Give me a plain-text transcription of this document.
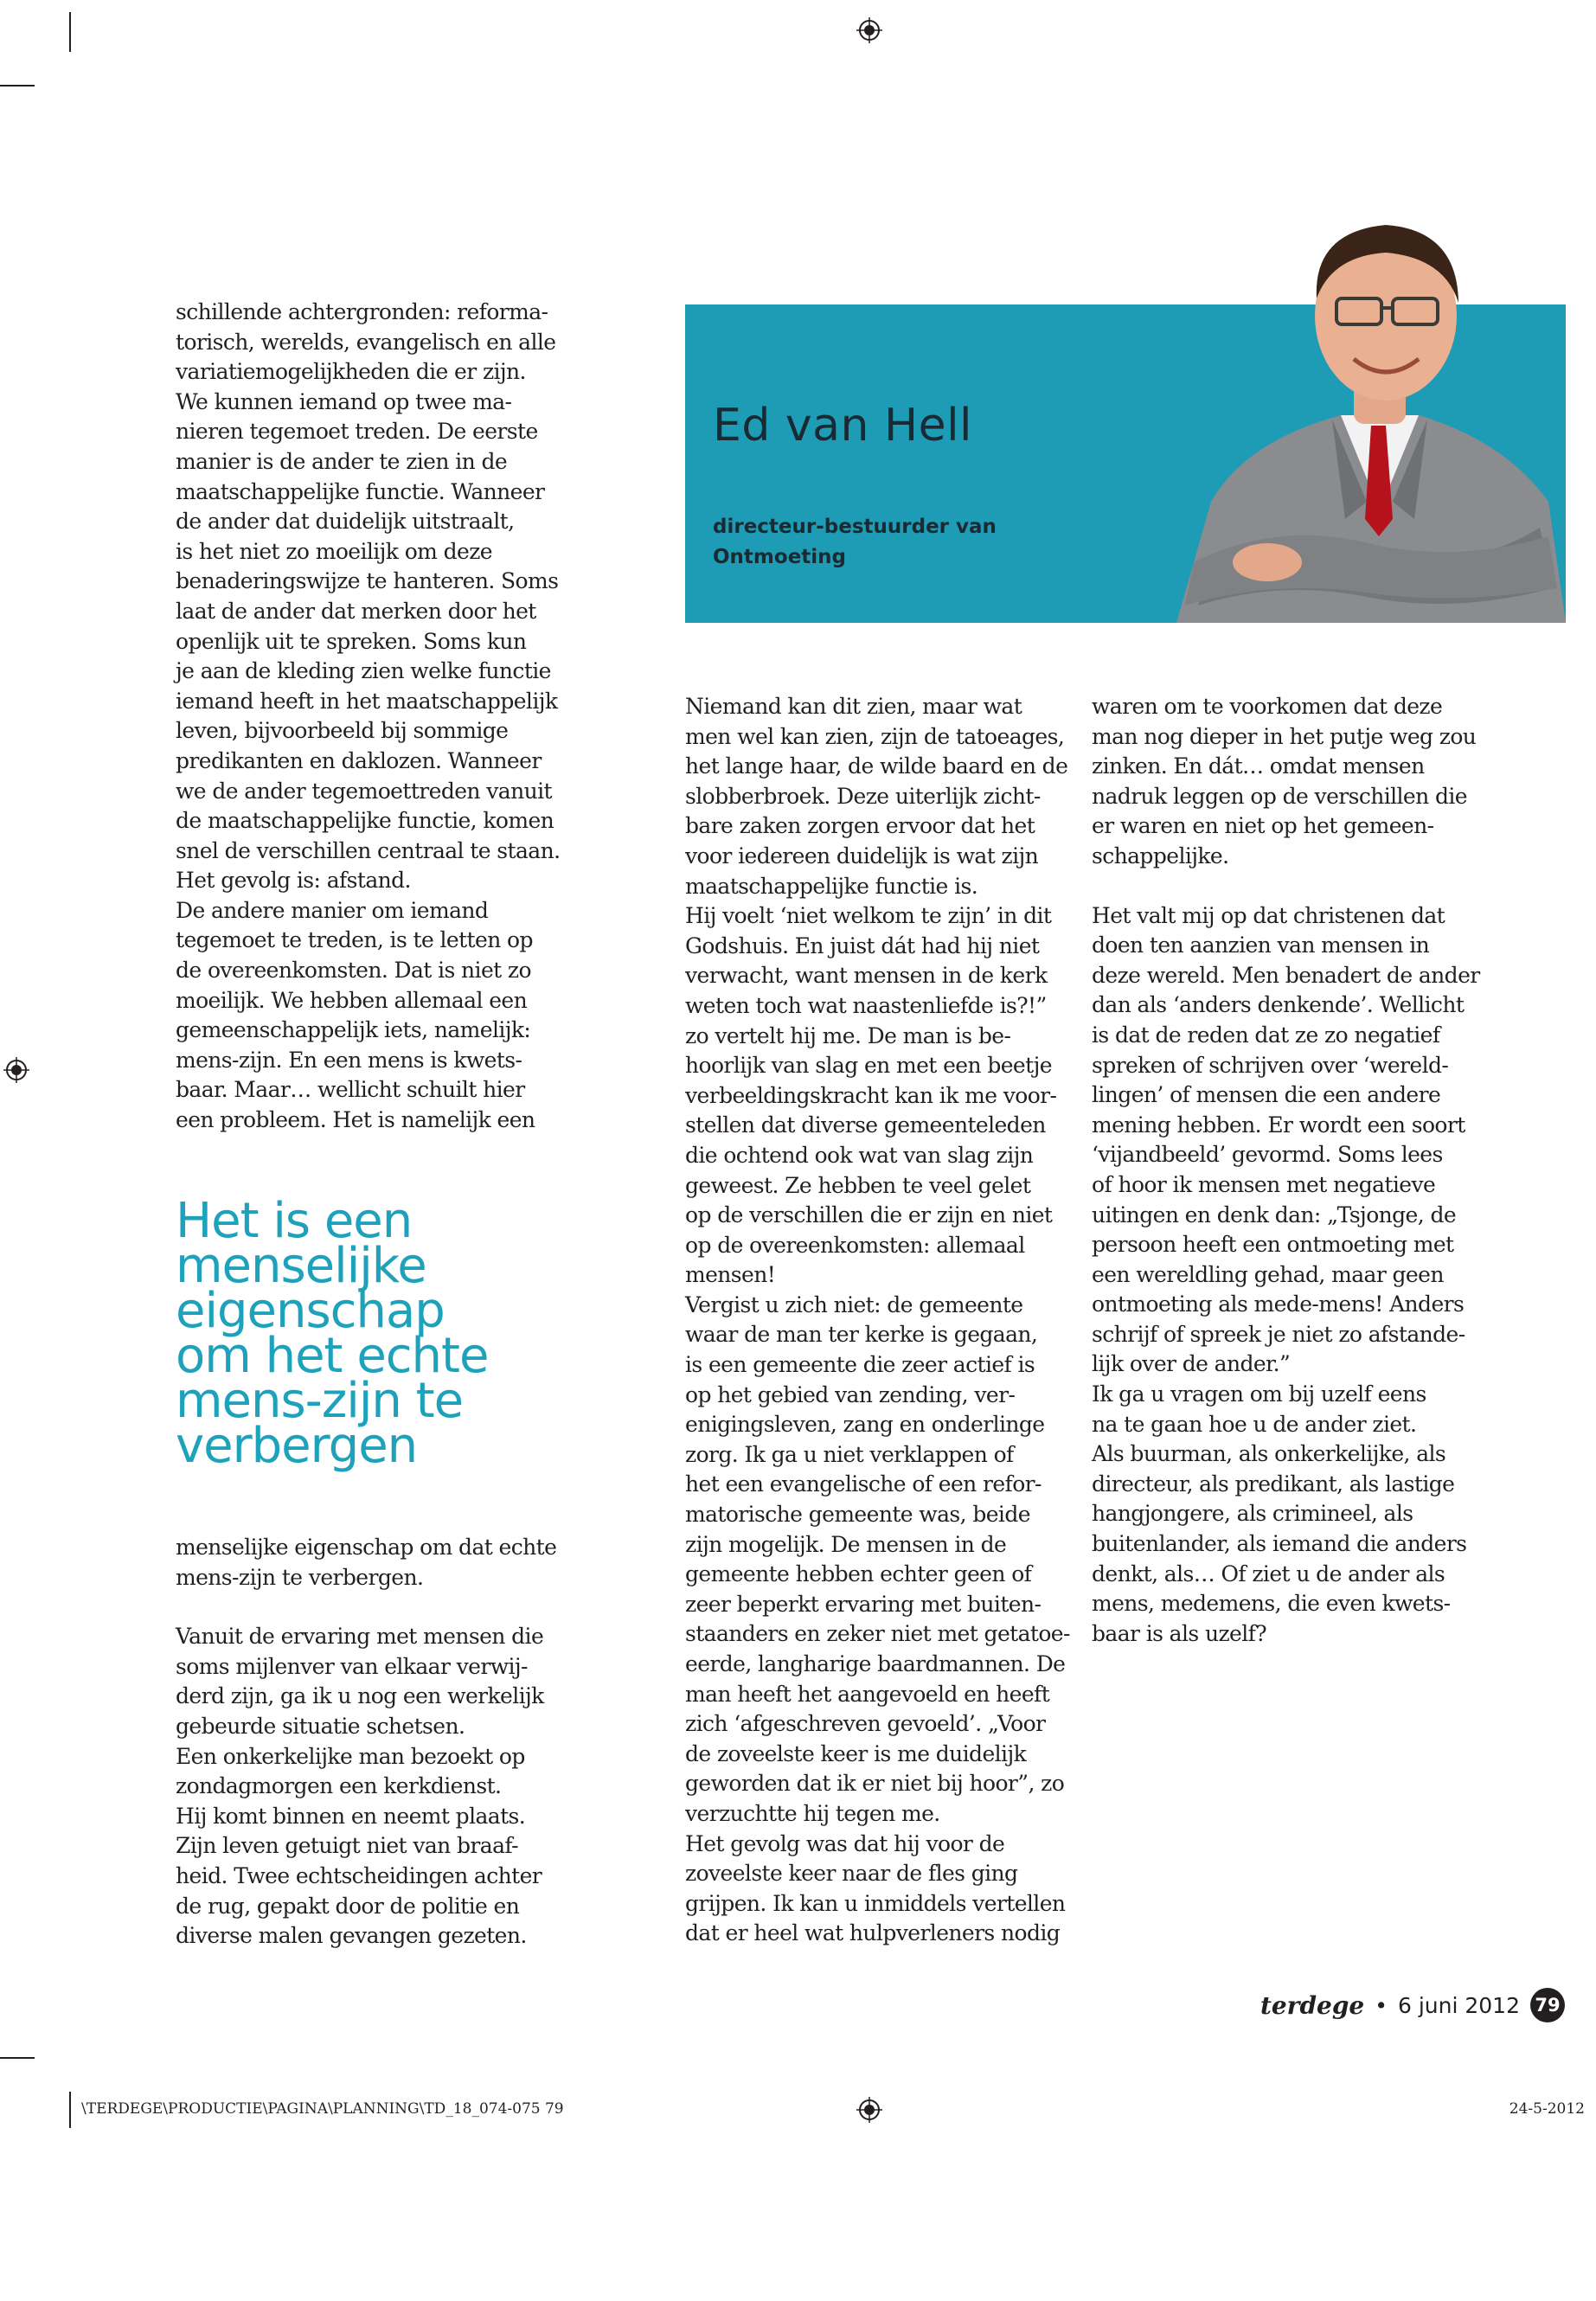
Ed van Hell
directeur-bestuurder van
Ontmoeting

schillende achtergronden: reforma-

torisch, werelds, evangelisch en alle

variatiemogelijkheden die er zijn.

We kunnen iemand op twee ma-

nieren tegemoet treden. De eerste

manier is de ander te zien in de

maatschappelijke functie. Wanneer

de ander dat duidelijk uitstraalt,

is het niet zo moeilijk om deze

benaderingswijze te hanteren. Soms

laat de ander dat merken door het

openlijk uit te spreken. Soms kun

je aan de kleding zien welke functie

iemand heeft in het maatschappelijk

leven, bijvoorbeeld bij sommige

predikanten en daklozen. Wanneer

we de ander tegemoettreden vanuit

de maatschappelijke functie, komen

snel de verschillen centraal te staan.

Het gevolg is: afstand.

De andere manier om iemand

tegemoet te treden, is te letten op

de overeenkomsten. Dat is niet zo

moeilijk. We hebben allemaal een

gemeenschappelijk iets, namelijk:

mens-zijn. En een mens is kwets-

baar. Maar… wellicht schuilt hier

een probleem. Het is namelijk een

Het is een
menselijke
eigenschap
om het echte
mens-zijn te
verbergen

menselijke eigenschap om dat echte

mens-zijn te verbergen.

Vanuit de ervaring met mensen die

soms mijlenver van elkaar verwij-

derd zijn, ga ik u nog een werkelijk

gebeurde situatie schetsen.

Een onkerkelijke man bezoekt op

zondagmorgen een kerkdienst.

Hij komt binnen en neemt plaats.

Zijn leven getuigt niet van braaf-

heid. Twee echtscheidingen achter

de rug, gepakt door de politie en

diverse malen gevangen gezeten.

Niemand kan dit zien, maar wat

men wel kan zien, zijn de tatoeages,

het lange haar, de wilde baard en de

slobberbroek. Deze uiterlijk zicht-

bare zaken zorgen ervoor dat het

voor iedereen duidelijk is wat zijn

maatschappelijke functie is.

Hij voelt ‘niet welkom te zijn’ in dit

Godshuis. En juist dát had hij niet

verwacht, want mensen in de kerk

weten toch wat naastenliefde is?!”

zo vertelt hij me. De man is be-

hoorlijk van slag en met een beetje

verbeeldingskracht kan ik me voor-

stellen dat diverse gemeenteleden

die ochtend ook wat van slag zijn

geweest. Ze hebben te veel gelet

op de verschillen die er zijn en niet

op de overeenkomsten: allemaal

mensen!

Vergist u zich niet: de gemeente

waar de man ter kerke is gegaan,

is een gemeente die zeer actief is

op het gebied van zending, ver-

enigingsleven, zang en onderlinge

zorg. Ik ga u niet verklappen of

het een evangelische of een refor-

matorische gemeente was, beide

zijn mogelijk. De mensen in de

gemeente hebben echter geen of

zeer beperkt ervaring met buiten-

staanders en zeker niet met getatoe-

eerde, langharige baardmannen. De

man heeft het aangevoeld en heeft

zich ‘afgeschreven gevoeld’. „Voor

de zoveelste keer is me duidelijk

geworden dat ik er niet bij hoor”, zo

verzuchtte hij tegen me.

Het gevolg was dat hij voor de

zoveelste keer naar de fles ging

grijpen. Ik kan u inmiddels vertellen

dat er heel wat hulpverleners nodig

waren om te voorkomen dat deze

man nog dieper in het putje weg zou

zinken. En dát… omdat mensen

nadruk leggen op de verschillen die

er waren en niet op het gemeen-

schappelijke.

Het valt mij op dat christenen dat

doen ten aanzien van mensen in

deze wereld. Men benadert de ander

dan als ‘anders denkende’. Wellicht

is dat de reden dat ze zo negatief

spreken of schrijven over ‘wereld-

lingen’ of mensen die een andere

mening hebben. Er wordt een soort

‘vijandbeeld’ gevormd. Soms lees

of hoor ik mensen met negatieve

uitingen en denk dan: „Tsjonge, de

persoon heeft een ontmoeting met

een wereldling gehad, maar geen

ontmoeting als mede-mens! Anders

schrijf of spreek je niet zo afstande-

lijk over de ander.”

Ik ga u vragen om bij uzelf eens

na te gaan hoe u de ander ziet.

Als buurman, als onkerkelijke, als

directeur, als predikant, als lastige

hangjongere, als crimineel, als

buitenlander, als iemand die anders

denkt, als… Of ziet u de ander als

mens, medemens, die even kwets-

baar is als uzelf?

terdege • 6 juni 2012 79
\TERDEGE\PRODUCTIE\PAGINA\PLANNING\TD_18_074-075 79	24-5-2012
